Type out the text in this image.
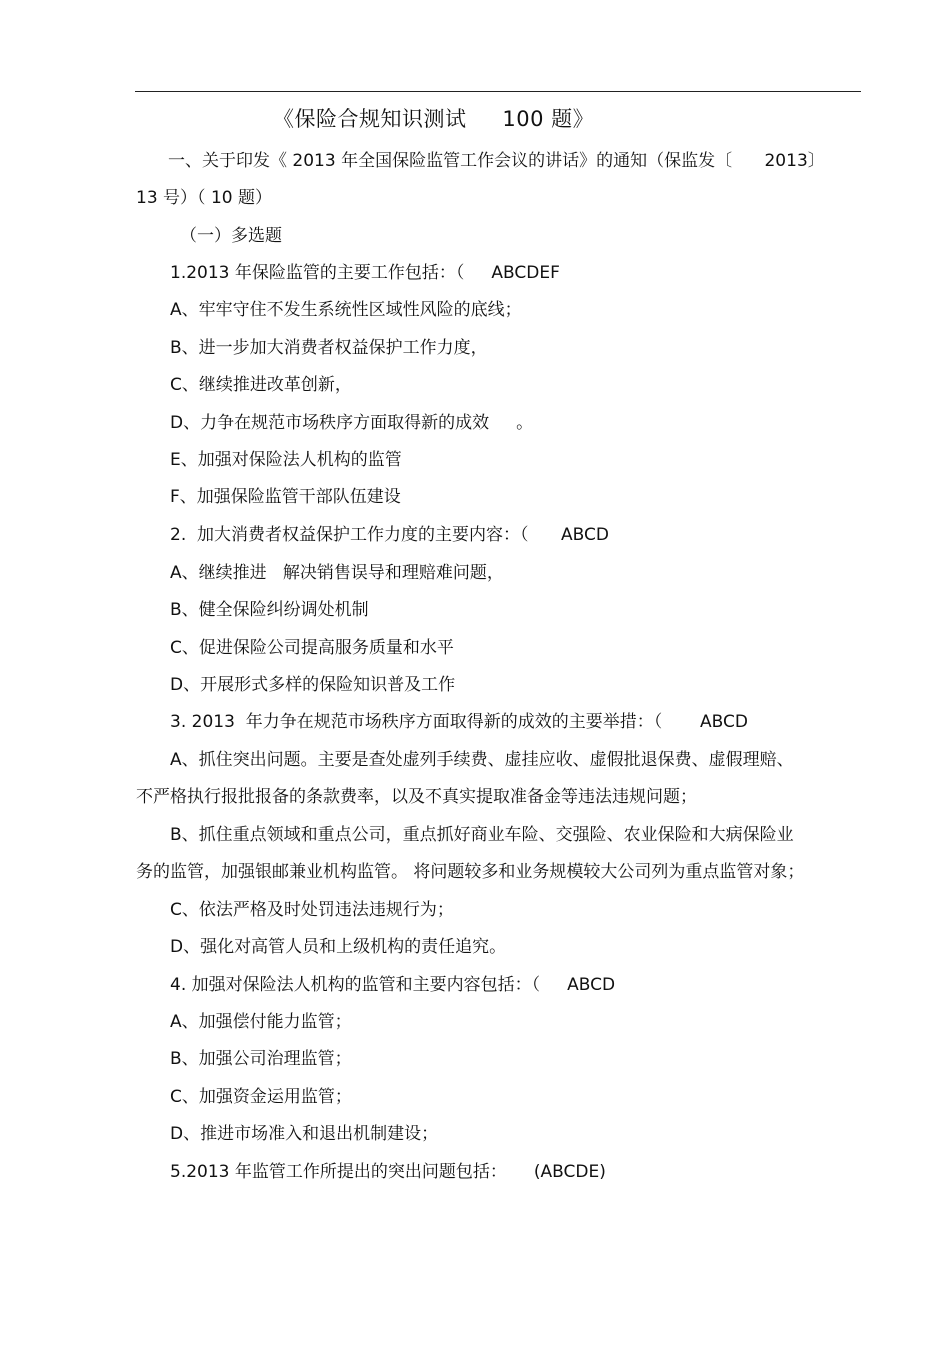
《保险合规知识测试     100 题》
一、关于印发《 2013 年全国保险监管工作会议的讲话》的通知（保监发〔      2013〕
13 号）（ 10 题）
（一）多选题
1.2013 年保险监管的主要工作包括：（     ABCDEF
A、牢牢守住不发生系统性区域性风险的底线；
B、进一步加大消费者权益保护工作力度，
C、继续推进改革创新，
D、力争在规范市场秩序方面取得新的成效     。
E、加强对保险法人机构的监管
F、加强保险监管干部队伍建设
2.  加大消费者权益保护工作力度的主要内容：（      ABCD
A、继续推进   解决销售误导和理赔难问题，
B、健全保险纠纷调处机制
C、促进保险公司提高服务质量和水平
D、开展形式多样的保险知识普及工作
3. 2013  年力争在规范市场秩序方面取得新的成效的主要举措：（       ABCD
A、抓住突出问题。主要是查处虚列手续费、虚挂应收、虚假批退保费、虚假理赔、
不严格执行报批报备的条款费率，以及不真实提取准备金等违法违规问题；
B、抓住重点领域和重点公司，重点抓好商业车险、交强险、农业保险和大病保险业
务的监管，加强银邮兼业机构监管。 将问题较多和业务规模较大公司列为重点监管对象；
C、依法严格及时处罚违法违规行为；
D、强化对高管人员和上级机构的责任追究。
4. 加强对保险法人机构的监管和主要内容包括：（     ABCD
A、加强偿付能力监管；
B、加强公司治理监管；
C、加强资金运用监管；
D、推进市场准入和退出机制建设；
5.2013 年监管工作所提出的突出问题包括：     (ABCDE)
